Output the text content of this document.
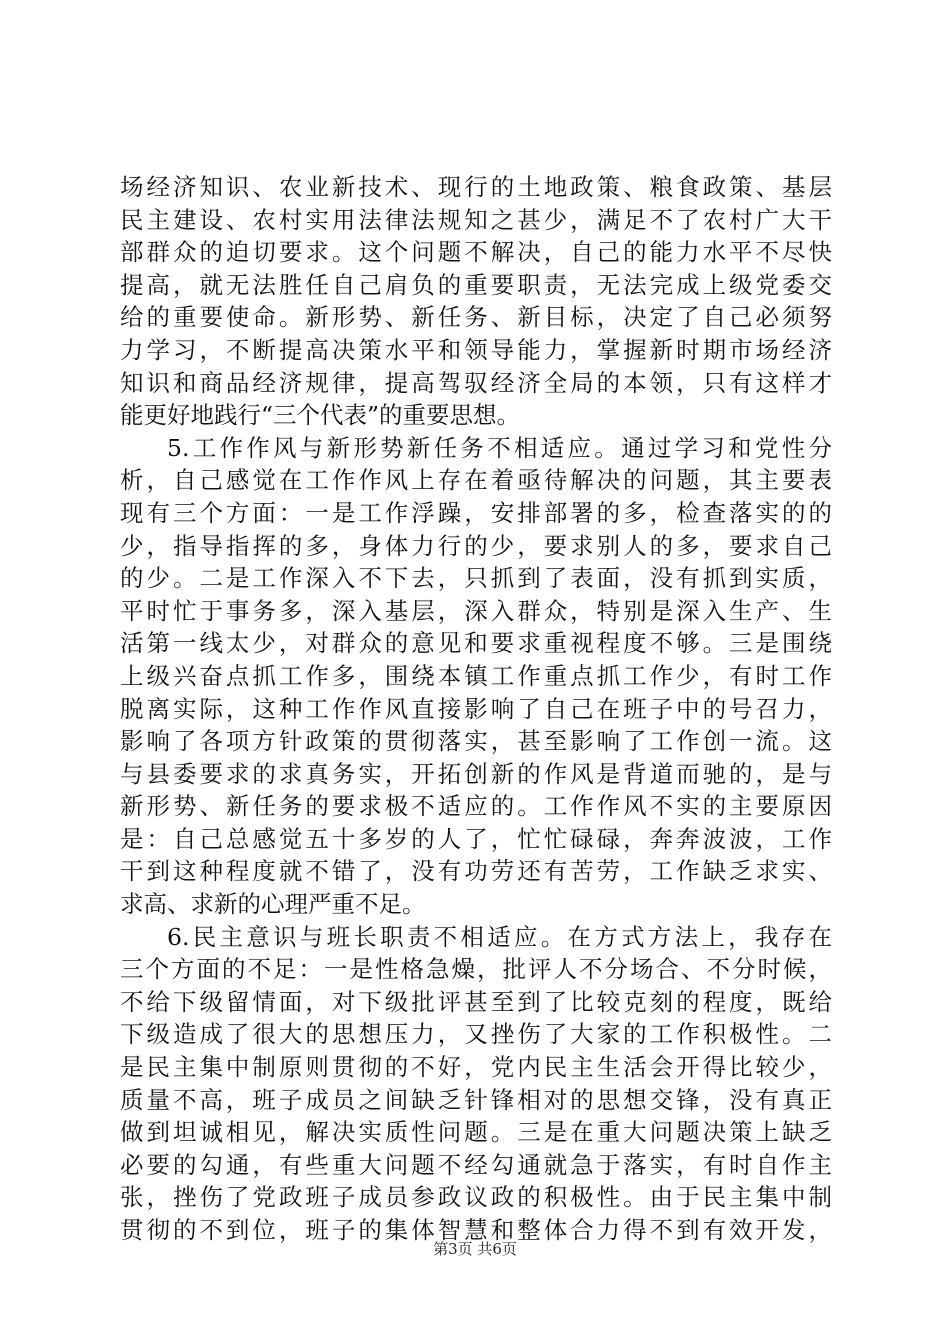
场经济知识、农业新技术、现行的土地政策、粮食政策、基层
民主建设、农村实用法律法规知之甚少，满足不了农村广大干
部群众的迫切要求。这个问题不解决，自己的能力水平不尽快
提高，就无法胜任自己肩负的重要职责，无法完成上级党委交
给的重要使命。新形势、新任务、新目标，决定了自己必须努
力学习，不断提高决策水平和领导能力，掌握新时期市场经济
知识和商品经济规律，提高驾驭经济全局的本领，只有这样才
能更好地践行“三个代表”的重要思想。
5.工作作风与新形势新任务不相适应。通过学习和党性分
析，自己感觉在工作作风上存在着亟待解决的问题，其主要表
现有三个方面：一是工作浮躁，安排部署的多，检查落实的的
少，指导指挥的多，身体力行的少，要求别人的多，要求自己
的少。二是工作深入不下去，只抓到了表面，没有抓到实质，
平时忙于事务多，深入基层，深入群众，特别是深入生产、生
活第一线太少，对群众的意见和要求重视程度不够。三是围绕
上级兴奋点抓工作多，围绕本镇工作重点抓工作少，有时工作
脱离实际，这种工作作风直接影响了自己在班子中的号召力，
影响了各项方针政策的贯彻落实，甚至影响了工作创一流。这
与县委要求的求真务实，开拓创新的作风是背道而驰的，是与
新形势、新任务的要求极不适应的。工作作风不实的主要原因
是：自己总感觉五十多岁的人了，忙忙碌碌，奔奔波波，工作
干到这种程度就不错了，没有功劳还有苦劳，工作缺乏求实、
求高、求新的心理严重不足。
6.民主意识与班长职责不相适应。在方式方法上，我存在
三个方面的不足：一是性格急燥，批评人不分场合、不分时候，
不给下级留情面，对下级批评甚至到了比较克刻的程度，既给
下级造成了很大的思想压力，又挫伤了大家的工作积极性。二
是民主集中制原则贯彻的不好，党内民主生活会开得比较少，
质量不高，班子成员之间缺乏针锋相对的思想交锋，没有真正
做到坦诚相见，解决实质性问题。三是在重大问题决策上缺乏
必要的勾通，有些重大问题不经勾通就急于落实，有时自作主
张，挫伤了党政班子成员参政议政的积极性。由于民主集中制
贯彻的不到位，班子的集体智慧和整体合力得不到有效开发，
第3页 共6页
